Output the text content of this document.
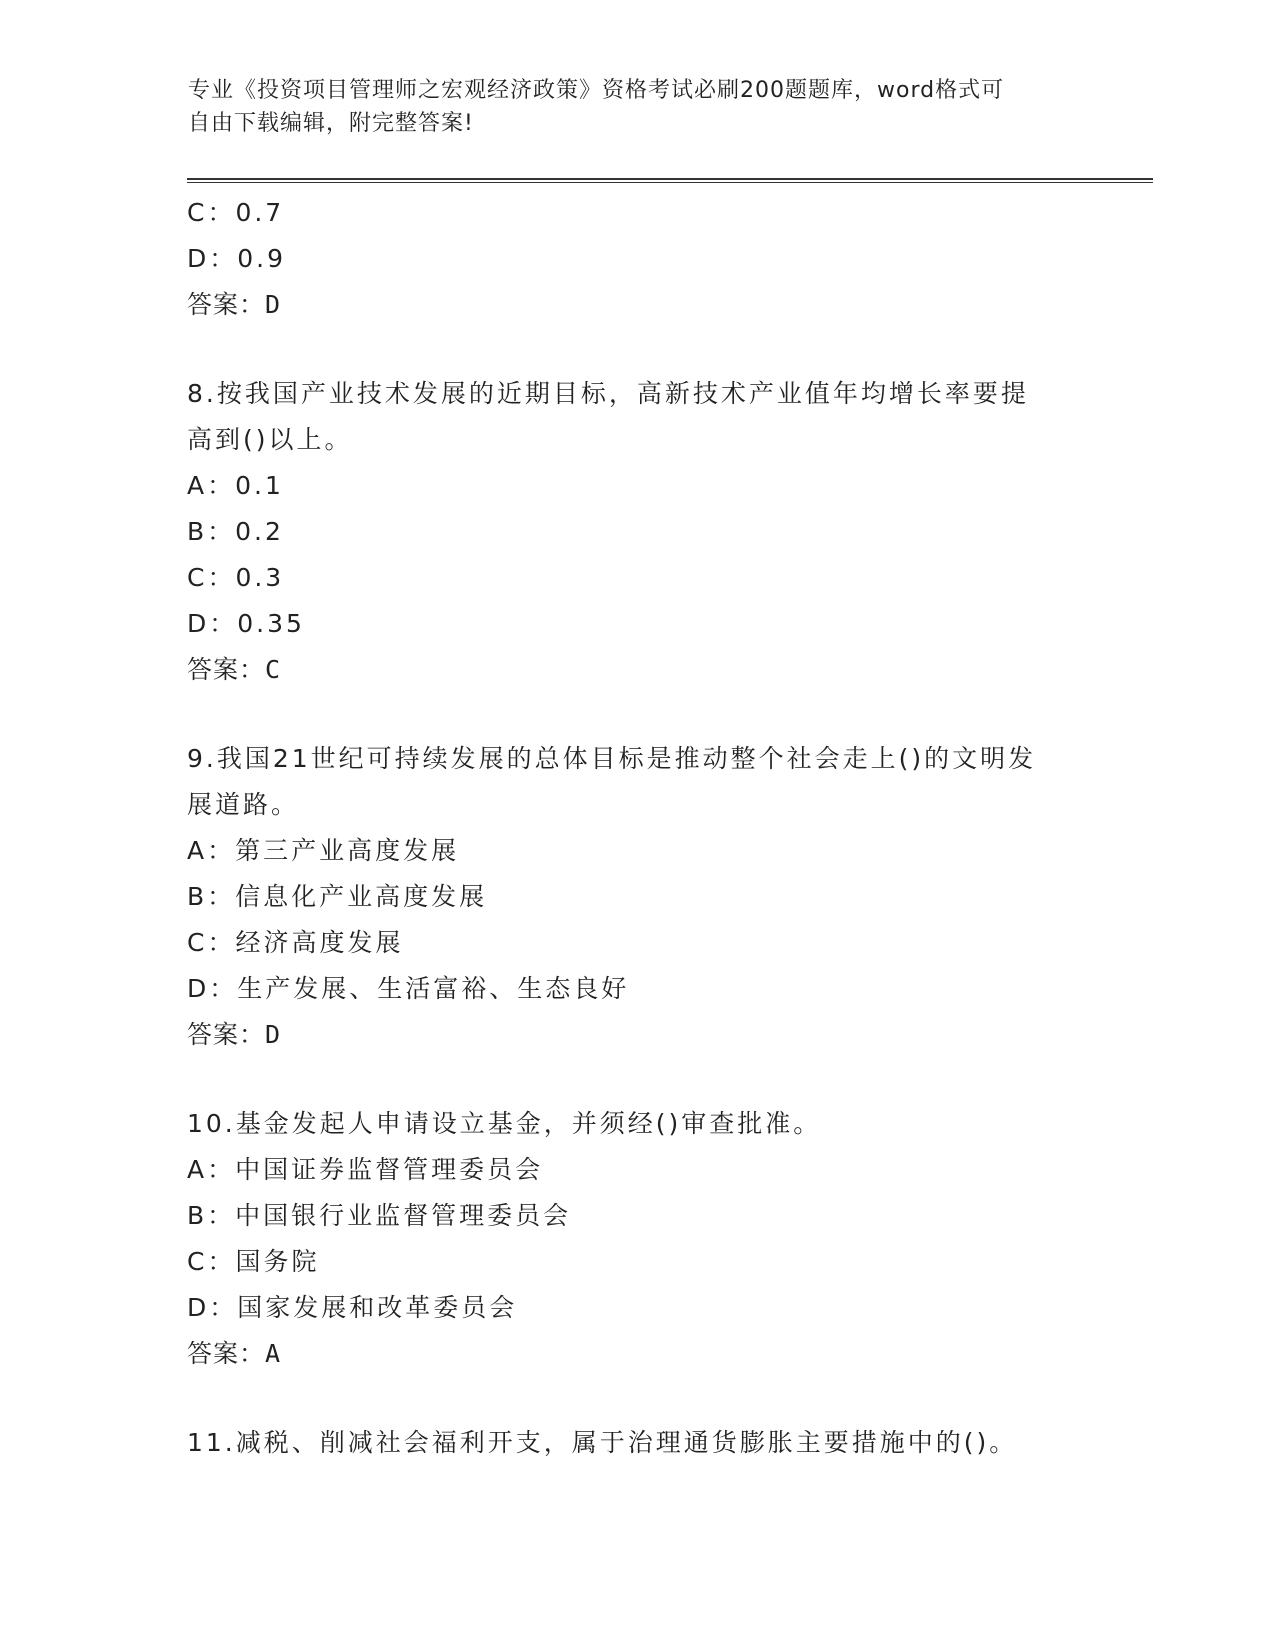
专业《投资项目管理师之宏观经济政策》资格考试必刷200题题库，word格式可
自由下载编辑，附完整答案!
C：0.7
D：0.9
答案：D
8.按我国产业技术发展的近期目标，高新技术产业值年均增长率要提
高到()以上。
A：0.1
B：0.2
C：0.3
D：0.35
答案：C
9.我国21世纪可持续发展的总体目标是推动整个社会走上()的文明发
展道路。
A：第三产业高度发展
B：信息化产业高度发展
C：经济高度发展
D：生产发展、生活富裕、生态良好
答案：D
10.基金发起人申请设立基金，并须经()审查批准。
A：中国证券监督管理委员会
B：中国银行业监督管理委员会
C：国务院
D：国家发展和改革委员会
答案：A
11.减税、削减社会福利开支，属于治理通货膨胀主要措施中的()。
